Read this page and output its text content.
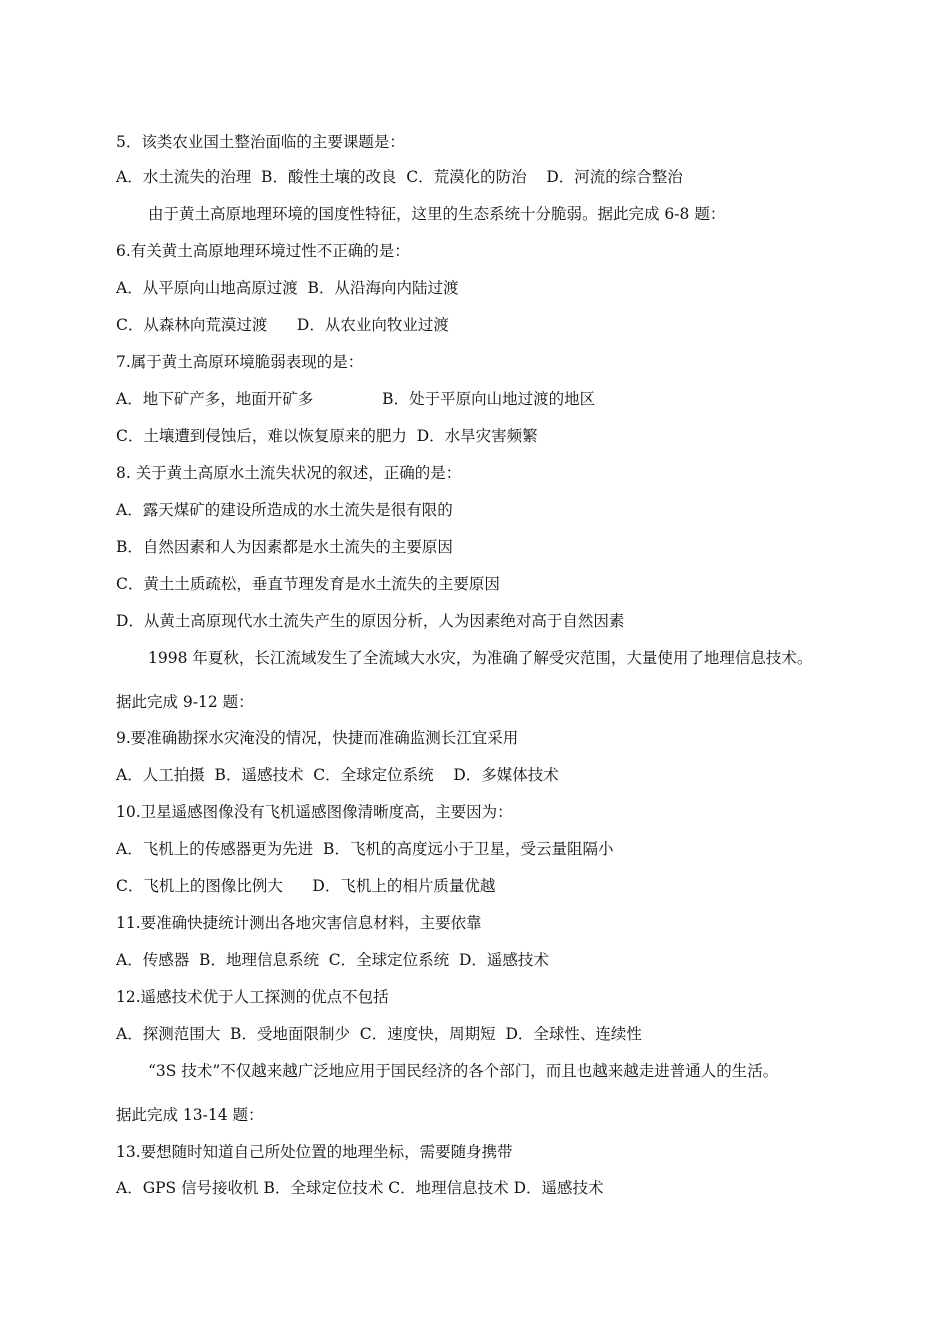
5．该类农业国土整治面临的主要课题是：
A．水土流失的治理  B．酸性土壤的改良  C．荒漠化的防治    D．河流的综合整治
由于黄土高原地理环境的国度性特征，这里的生态系统十分脆弱。据此完成 6-8 题：
6.有关黄土高原地理环境过性不正确的是：
A．从平原向山地高原过渡  B．从沿海向内陆过渡
C．从森林向荒漠过渡      D．从农业向牧业过渡
7.属于黄土高原环境脆弱表现的是：
A．地下矿产多，地面开矿多              B．处于平原向山地过渡的地区
C．土壤遭到侵蚀后，难以恢复原来的肥力  D．水旱灾害频繁
8. 关于黄土高原水土流失状况的叙述，正确的是：
A．露天煤矿的建设所造成的水土流失是很有限的
B．自然因素和人为因素都是水土流失的主要原因
C．黄土土质疏松，垂直节理发育是水土流失的主要原因
D．从黄土高原现代水土流失产生的原因分析，人为因素绝对高于自然因素
1998 年夏秋，长江流域发生了全流域大水灾，为准确了解受灾范围，大量使用了地理信息技术。
据此完成 9-12 题：
9.要准确勘探水灾淹没的情况，快捷而准确监测长江宜采用
A．人工拍摄  B．遥感技术  C．全球定位系统    D．多媒体技术
10.卫星遥感图像没有飞机遥感图像清晰度高，主要因为：
A．飞机上的传感器更为先进  B．飞机的高度远小于卫星，受云量阻隔小
C．飞机上的图像比例大      D．飞机上的相片质量优越
11.要准确快捷统计测出各地灾害信息材料，主要依靠
A．传感器  B．地理信息系统  C．全球定位系统  D．遥感技术
12.遥感技术优于人工探测的优点不包括
A．探测范围大  B．受地面限制少  C．速度快，周期短  D．全球性、连续性
“3S 技术”不仅越来越广泛地应用于国民经济的各个部门，而且也越来越走进普通人的生活。
据此完成 13-14 题：
13.要想随时知道自己所处位置的地理坐标，需要随身携带
A．GPS 信号接收机 B．全球定位技术 C．地理信息技术 D．遥感技术
